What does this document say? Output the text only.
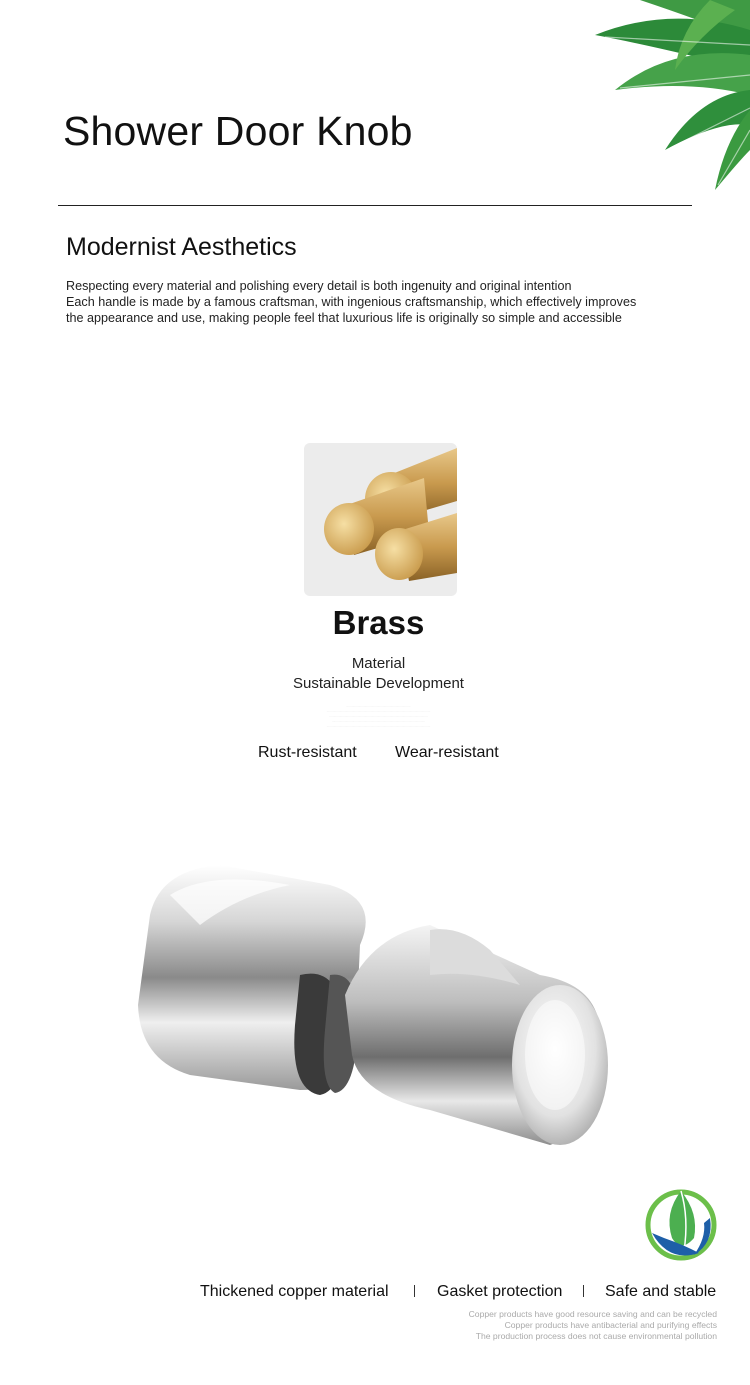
Shower Door Knob
Modernist Aesthetics
Respecting every material and polishing every detail is both ingenuity and original intention
Each handle is made by a famous craftsman, with ingenious craftsmanship, which effectively improves
the appearance and use, making people feel that luxurious life is originally so simple and accessible
Brass
Material
Sustainable Development
··········································································
························································································································
··················································································································
············································································································
························································································································
Rust-resistant Wear-resistant
Thickened copper material	Gasket protection	Safe and stable
Copper products have good resource saving and can be recycled
Copper products have antibacterial and purifying effects
The production process does not cause environmental pollution
